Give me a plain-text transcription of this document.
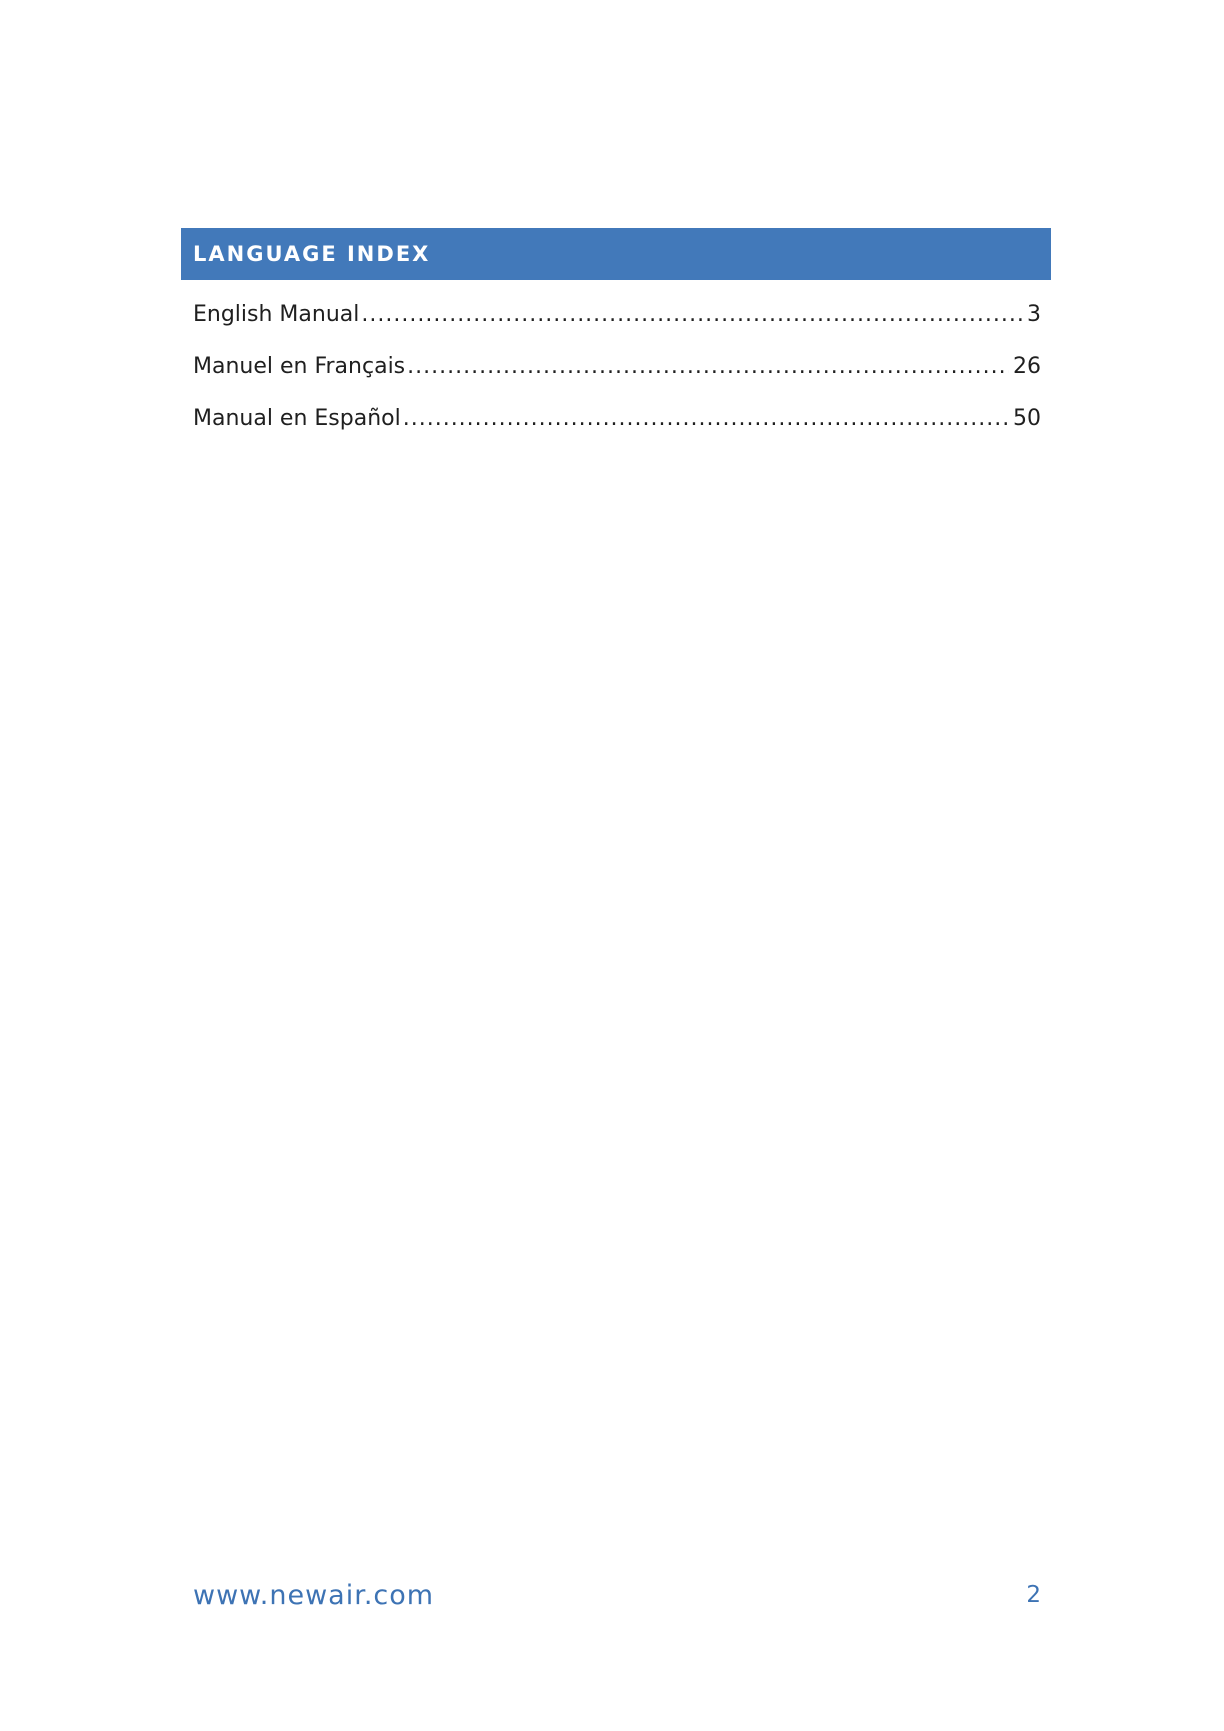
LANGUAGE INDEX
English Manual .....	3
Manuel en Français .....	26
Manual en Español .....	50
www.newair.com	2
